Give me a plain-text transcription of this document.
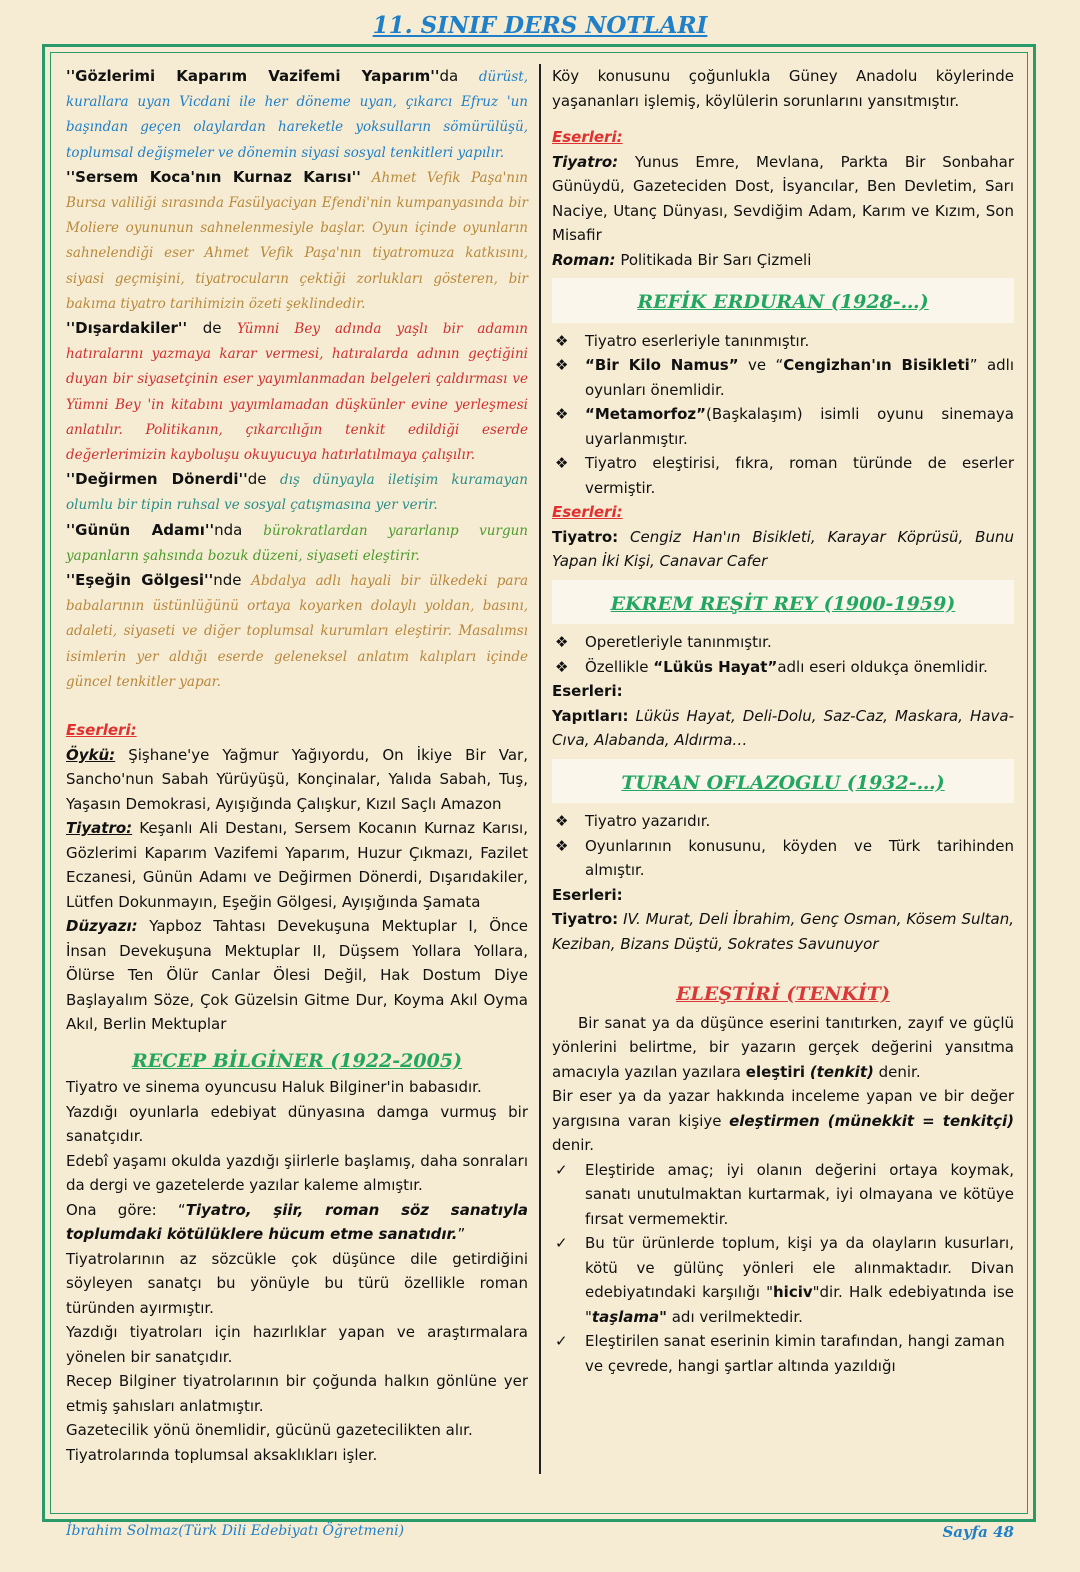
11. SINIF DERS NOTLARI

''Gözlerimi Kaparım Vazifemi Yaparım''da dürüst, kurallara uyan Vicdani ile her döneme uyan, çıkarcı Efruz 'un başından geçen olaylardan hareketle yoksulların sömürülüşü, toplumsal değişmeler ve dönemin siyasi sosyal tenkitleri yapılır.

''Sersem Koca'nın Kurnaz Karısı'' Ahmet Vefik Paşa'nın Bursa valiliği sırasında Fasülyaciyan Efendi'nin kumpanyasında bir Moliere oyununun sahnelenmesiyle başlar. Oyun içinde oyunların sahnelendiği eser Ahmet Vefik Paşa'nın tiyatromuza katkısını, siyasi geçmişini, tiyatrocuların çektiği zorlukları gösteren, bir bakıma tiyatro tarihimizin özeti şeklindedir.

''Dışardakiler'' de Yümni Bey adında yaşlı bir adamın hatıralarını yazmaya karar vermesi, hatıralarda adının geçtiğini duyan bir siyasetçinin eser yayımlanmadan belgeleri çaldırması ve Yümni Bey 'in kitabını yayımlamadan düşkünler evine yerleşmesi anlatılır. Politikanın, çıkarcılığın tenkit edildiği eserde değerlerimizin kayboluşu okuyucuya hatırlatılmaya çalışılır.

''Değirmen Dönerdi''de dış dünyayla iletişim kuramayan olumlu bir tipin ruhsal ve sosyal çatışmasına yer verir.

''Günün Adamı''nda bürokratlardan yararlanıp vurgun yapanların şahsında bozuk düzeni, siyaseti eleştirir.

''Eşeğin Gölgesi''nde Abdalya adlı hayali bir ülkedeki para babalarının üstünlüğünü ortaya koyarken dolaylı yoldan, basını, adaleti, siyaseti ve diğer toplumsal kurumları eleştirir. Masalımsı isimlerin yer aldığı eserde geleneksel anlatım kalıpları içinde güncel tenkitler yapar.

Eserleri:

Öykü: Şişhane'ye Yağmur Yağıyordu, On İkiye Bir Var, Sancho'nun Sabah Yürüyüşü, Konçinalar, Yalıda Sabah, Tuş, Yaşasın Demokrasi, Ayışığında Çalışkur, Kızıl Saçlı Amazon

Tiyatro: Keşanlı Ali Destanı, Sersem Kocanın Kurnaz Karısı, Gözlerimi Kaparım Vazifemi Yaparım, Huzur Çıkmazı, Fazilet Eczanesi, Günün Adamı ve Değirmen Dönerdi, Dışarıdakiler, Lütfen Dokunmayın, Eşeğin Gölgesi, Ayışığında Şamata

Düzyazı: Yapboz Tahtası Devekuşuna Mektuplar I, Önce İnsan Devekuşuna Mektuplar II, Düşsem Yollara Yollara, Ölürse Ten Ölür Canlar Ölesi Değil, Hak Dostum Diye Başlayalım Söze, Çok Güzelsin Gitme Dur, Koyma Akıl Oyma Akıl, Berlin Mektuplar

RECEP BİLGİNER (1922-2005)

Tiyatro ve sinema oyuncusu Haluk Bilginer'in babasıdır.

Yazdığı oyunlarla edebiyat dünyasına damga vurmuş bir sanatçıdır.

Edebî yaşamı okulda yazdığı şiirlerle başlamış, daha sonraları da dergi ve gazetelerde yazılar kaleme almıştır.

Ona göre: “Tiyatro, şiir, roman söz sanatıyla toplumdaki kötülüklere hücum etme sanatıdır.”

Tiyatrolarının az sözcükle çok düşünce dile getirdiğini söyleyen sanatçı bu yönüyle bu türü özellikle roman türünden ayırmıştır.

Yazdığı tiyatroları için hazırlıklar yapan ve araştırmalara yönelen bir sanatçıdır.

Recep Bilginer tiyatrolarının bir çoğunda halkın gönlüne yer etmiş şahısları anlatmıştır.

Gazetecilik yönü önemlidir, gücünü gazetecilikten alır.

Tiyatrolarında toplumsal aksaklıkları işler.

Köy konusunu çoğunlukla Güney Anadolu köylerinde yaşananları işlemiş, köylülerin sorunlarını yansıtmıştır.

Eserleri:

Tiyatro: Yunus Emre, Mevlana, Parkta Bir Sonbahar Günüydü, Gazeteciden Dost, İsyancılar, Ben Devletim, Sarı Naciye, Utanç Dünyası, Sevdiğim Adam, Karım ve Kızım, Son Misafir

Roman: Politikada Bir Sarı Çizmeli

REFİK ERDURAN (1928-…)
❖ Tiyatro eserleriyle tanınmıştır.
❖ “Bir Kilo Namus” ve “Cengizhan'ın Bisikleti” adlı oyunları önemlidir.
❖ “Metamorfoz”(Başkalaşım) isimli oyunu sinemaya uyarlanmıştır.
❖ Tiyatro eleştirisi, fıkra, roman türünde de eserler vermiştir.

Eserleri:

Tiyatro: Cengiz Han'ın Bisikleti, Karayar Köprüsü, Bunu Yapan İki Kişi, Canavar Cafer

EKREM REŞİT REY (1900-1959)
❖ Operetleriyle tanınmıştır.
❖ Özellikle “Lüküs Hayat”adlı eseri oldukça önemlidir.

Eserleri:

Yapıtları: Lüküs Hayat, Deli-Dolu, Saz-Caz, Maskara, Hava-Cıva, Alabanda, Aldırma…

TURAN OFLAZOGLU (1932-…)
❖ Tiyatro yazarıdır.
❖ Oyunlarının konusunu, köyden ve Türk tarihinden almıştır.

Eserleri:

Tiyatro: IV. Murat, Deli İbrahim, Genç Osman, Kösem Sultan, Keziban, Bizans Düştü, Sokrates Savunuyor

ELEŞTİRİ (TENKİT)

Bir sanat ya da düşünce eserini tanıtırken, zayıf ve güçlü yönlerini belirtme, bir yazarın gerçek değerini yansıtma amacıyla yazılan yazılara eleştiri (tenkit) denir.

Bir eser ya da yazar hakkında inceleme yapan ve bir değer yargısına varan kişiye eleştirmen (münekkit = tenkitçi) denir.

✓ Eleştiride amaç; iyi olanın değerini ortaya koymak, sanatı unutulmaktan kurtarmak, iyi olmayana ve kötüye fırsat vermemektir.
✓ Bu tür ürünlerde toplum, kişi ya da olayların kusurları, kötü ve gülünç yönleri ele alınmaktadır. Divan edebiyatındaki karşılığı "hiciv"dir. Halk edebiyatında ise "taşlama" adı verilmektedir.
✓ Eleştirilen sanat eserinin kimin tarafından, hangi zaman ve çevrede, hangi şartlar altında yazıldığı
İbrahim Solmaz(Türk Dili Edebiyatı Öğretmeni)	Sayfa 48
